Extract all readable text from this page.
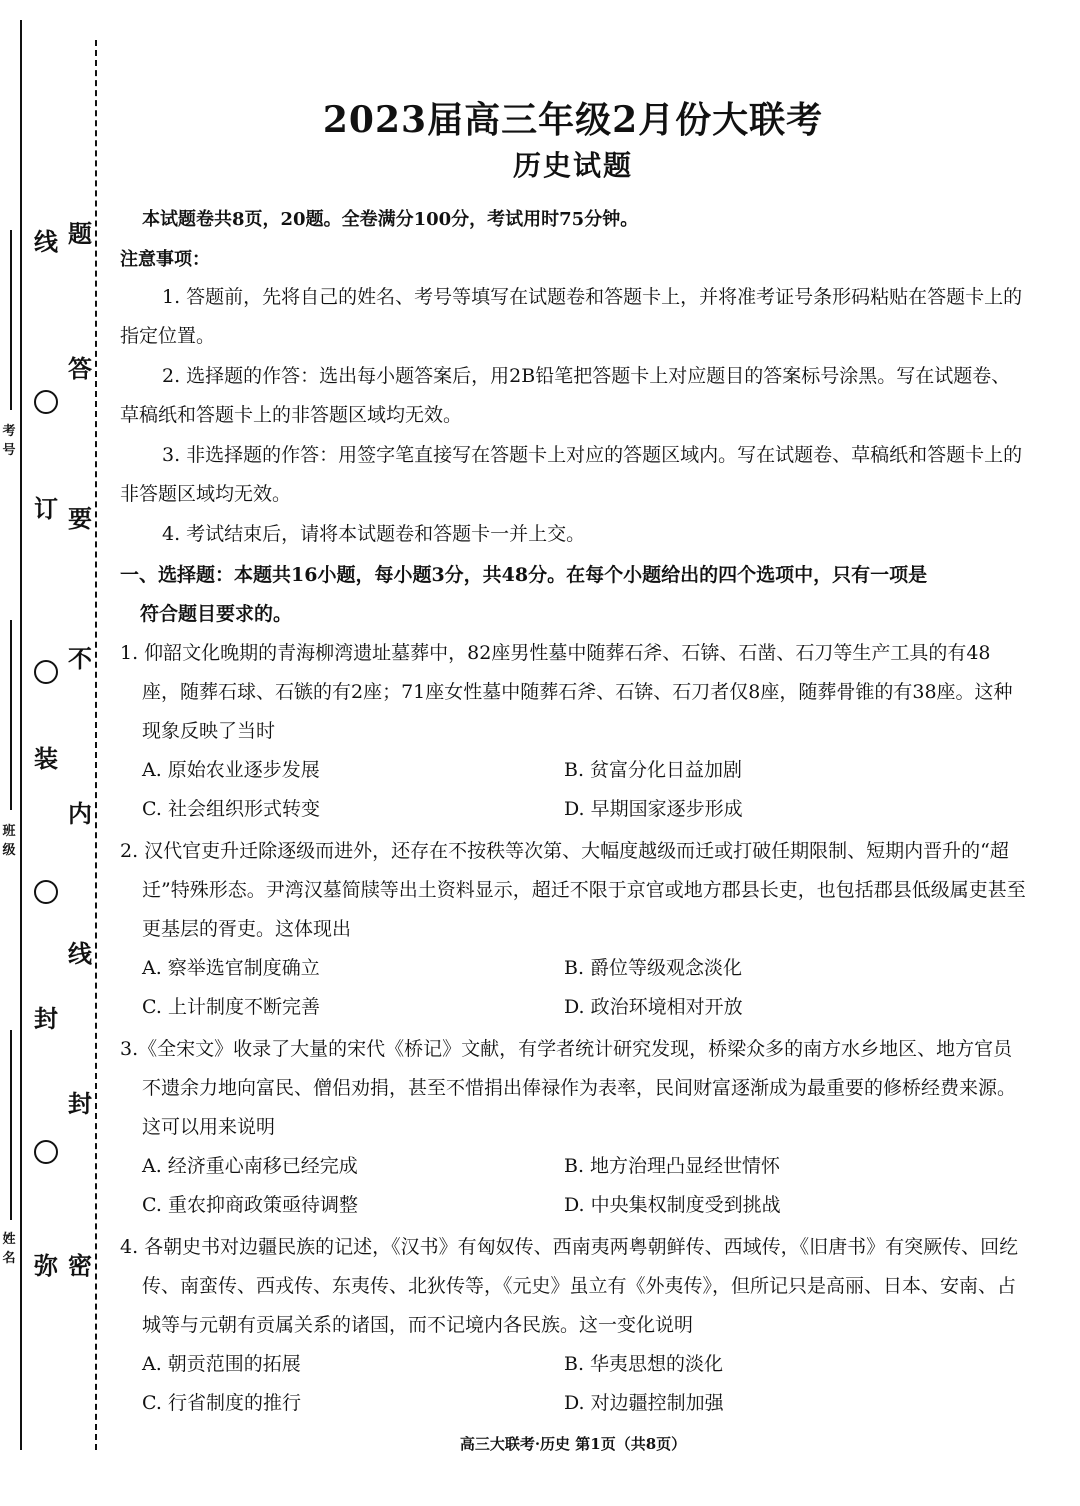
考号
班级
姓名
线
订
装
封
弥
题
答
要
不
内
线
封
密
2023届高三年级2月份大联考
历史试题
本试题卷共8页，20题。全卷满分100分，考试用时75分钟。
注意事项：
1. 答题前，先将自己的姓名、考号等填写在试题卷和答题卡上，并将准考证号条形码粘贴在答题卡上的指定位置。
2. 选择题的作答：选出每小题答案后，用2B铅笔把答题卡上对应题目的答案标号涂黑。写在试题卷、草稿纸和答题卡上的非答题区域均无效。
3. 非选择题的作答：用签字笔直接写在答题卡上对应的答题区域内。写在试题卷、草稿纸和答题卡上的非答题区域均无效。
4. 考试结束后，请将本试题卷和答题卡一并上交。
一、选择题：本题共16小题，每小题3分，共48分。在每个小题给出的四个选项中，只有一项是
符合题目要求的。
1. 仰韶文化晚期的青海柳湾遗址墓葬中，82座男性墓中随葬石斧、石锛、石凿、石刀等生产工具的有48座，随葬石球、石镞的有2座；71座女性墓中随葬石斧、石锛、石刀者仅8座，随葬骨锥的有38座。这种现象反映了当时
A. 原始农业逐步发展	B. 贫富分化日益加剧
C. 社会组织形式转变	D. 早期国家逐步形成
2. 汉代官吏升迁除逐级而进外，还存在不按秩等次第、大幅度越级而迁或打破任期限制、短期内晋升的“超迁”特殊形态。尹湾汉墓简牍等出土资料显示，超迁不限于京官或地方郡县长吏，也包括郡县低级属吏甚至更基层的胥吏。这体现出
A. 察举选官制度确立	B. 爵位等级观念淡化
C. 上计制度不断完善	D. 政治环境相对开放
3.《全宋文》收录了大量的宋代《桥记》文献，有学者统计研究发现，桥梁众多的南方水乡地区、地方官员不遗余力地向富民、僧侣劝捐，甚至不惜捐出俸禄作为表率，民间财富逐渐成为最重要的修桥经费来源。这可以用来说明
A. 经济重心南移已经完成	B. 地方治理凸显经世情怀
C. 重农抑商政策亟待调整	D. 中央集权制度受到挑战
4. 各朝史书对边疆民族的记述，《汉书》有匈奴传、西南夷两粤朝鲜传、西域传，《旧唐书》有突厥传、回纥传、南蛮传、西戎传、东夷传、北狄传等，《元史》虽立有《外夷传》，但所记只是高丽、日本、安南、占城等与元朝有贡属关系的诸国，而不记境内各民族。这一变化说明
A. 朝贡范围的拓展	B. 华夷思想的淡化
C. 行省制度的推行	D. 对边疆控制加强
高三大联考·历史 第1页（共8页）
